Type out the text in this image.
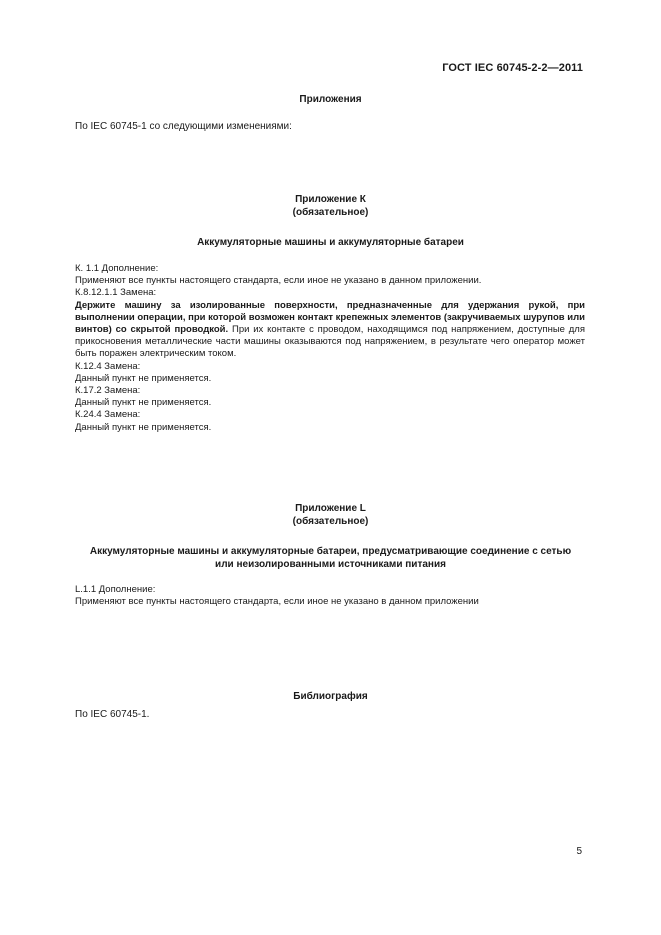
ГОСТ IEC 60745-2-2—2011
Приложения
По IEC 60745-1 со следующими изменениями:
Приложение К
(обязательное)
Аккумуляторные машины и аккумуляторные батареи

К. 1.1 Дополнение:

Применяют все пункты настоящего стандарта, если иное не указано в данном приложении.

К.8.12.1.1 Замена:

Держите машину за изолированные поверхности, предназначенные для удержания рукой, при выполнении операции, при которой возможен контакт крепежных элементов (закручиваемых шурупов или винтов) со скрытой проводкой. При их контакте с проводом, находящимся под напряжением, доступные для прикосновения металлические части машины оказываются под напряжением, в результате чего оператор может быть поражен электрическим током.

К.12.4 Замена:

Данный пункт не применяется.

К.17.2 Замена:

Данный пункт не применяется.

К.24.4 Замена:

Данный пункт не применяется.

Приложение L
(обязательное)
Аккумуляторные машины и аккумуляторные батареи, предусматривающие соединение с сетью
или неизолированными источниками питания

L.1.1 Дополнение:

Применяют все пункты настоящего стандарта, если иное не указано в данном приложении

Библиография
По IEC 60745-1.
5
